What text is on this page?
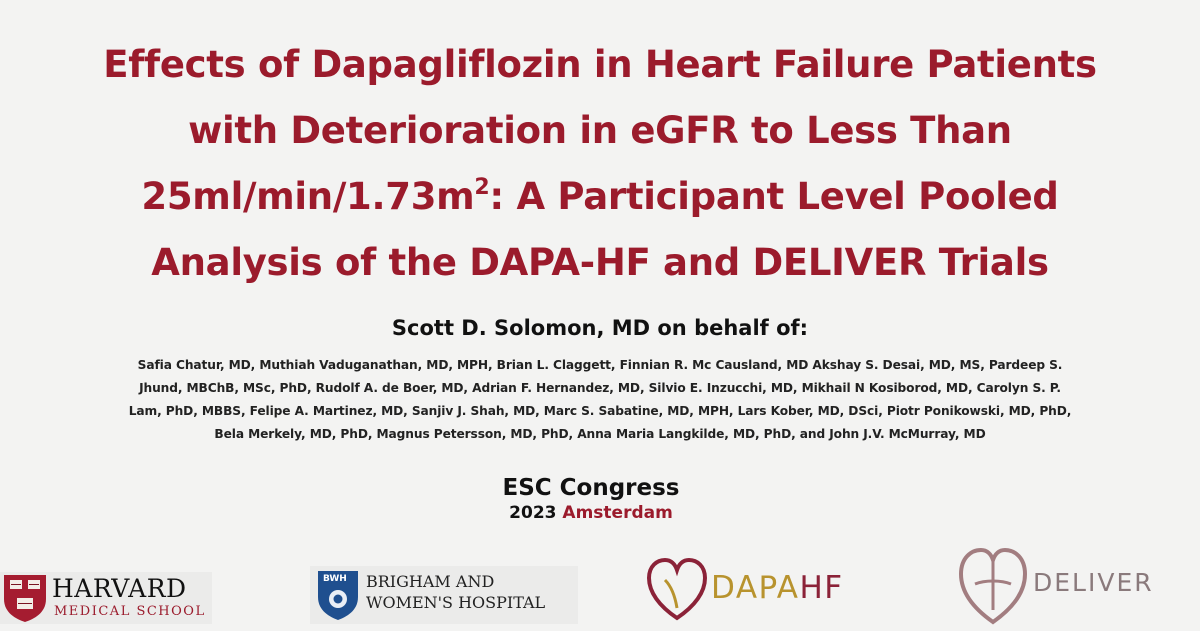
Effects of Dapagliflozin in Heart Failure Patients
with Deterioration in eGFR to Less Than
$25ml/\min/1.73m^2$: A Participant Level Pooled
Analysis of the DAPA-HF and DELIVER Trials
Scott D. Solomon, MD on behalf of:
Safia Chatur, MD, Muthiah Vaduganathan, MD, MPH, Brian L. Claggett, Finnian R. Mc Causland, MD Akshay S. Desai, MD, MS, Pardeep S.
Jhund, MBChB, MSc, PhD, Rudolf A. de Boer, MD, Adrian F. Hernandez, MD, Silvio E. Inzucchi, MD, Mikhail N Kosiborod, MD, Carolyn S. P.
Lam, PhD, MBBS, Felipe A. Martinez, MD, Sanjiv J. Shah, MD, Marc S. Sabatine, MD, MPH, Lars Kober, MD, DSci, Piotr Ponikowski, MD, PhD,
Bela Merkely, MD, PhD, Magnus Petersson, MD, PhD, Anna Maria Langkilde, MD, PhD, and John J.V. McMurray, MD
ESC Congress
2023 Amsterdam
HARVARD
MEDICAL SCHOOL
BWH BRIGHAM AND
WOMEN'S HOSPITAL	DAPAHF	DELIVER
